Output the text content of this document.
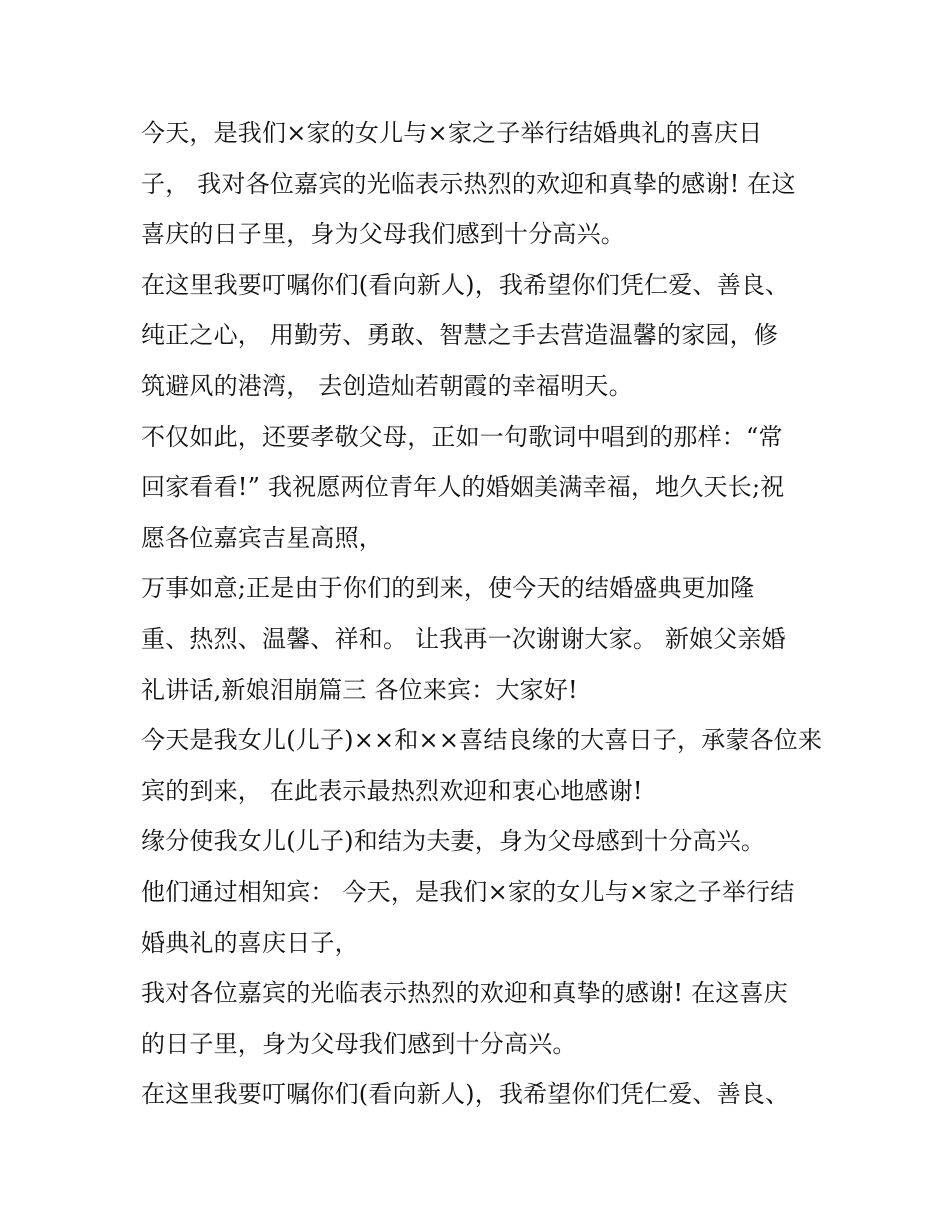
今天，是我们×家的女儿与×家之子举行结婚典礼的喜庆日
子， 我对各位嘉宾的光临表示热烈的欢迎和真挚的感谢! 在这
喜庆的日子里，身为父母我们感到十分高兴。
在这里我要叮嘱你们(看向新人)，我希望你们凭仁爱、善良、
纯正之心， 用勤劳、勇敢、智慧之手去营造温馨的家园，修
筑避风的港湾， 去创造灿若朝霞的幸福明天。
不仅如此，还要孝敬父母，正如一句歌词中唱到的那样：“常
回家看看!” 我祝愿两位青年人的婚姻美满幸福，地久天长;祝
愿各位嘉宾吉星高照，
万事如意;正是由于你们的到来，使今天的结婚盛典更加隆
重、热烈、温馨、祥和。 让我再一次谢谢大家。 新娘父亲婚
礼讲话,新娘泪崩篇三 各位来宾：大家好!
今天是我女儿(儿子)××和××喜结良缘的大喜日子，承蒙各位来
宾的到来， 在此表示最热烈欢迎和衷心地感谢!
缘分使我女儿(儿子)和结为夫妻，身为父母感到十分高兴。
他们通过相知宾： 今天，是我们×家的女儿与×家之子举行结
婚典礼的喜庆日子，
我对各位嘉宾的光临表示热烈的欢迎和真挚的感谢! 在这喜庆
的日子里，身为父母我们感到十分高兴。
在这里我要叮嘱你们(看向新人)，我希望你们凭仁爱、善良、
